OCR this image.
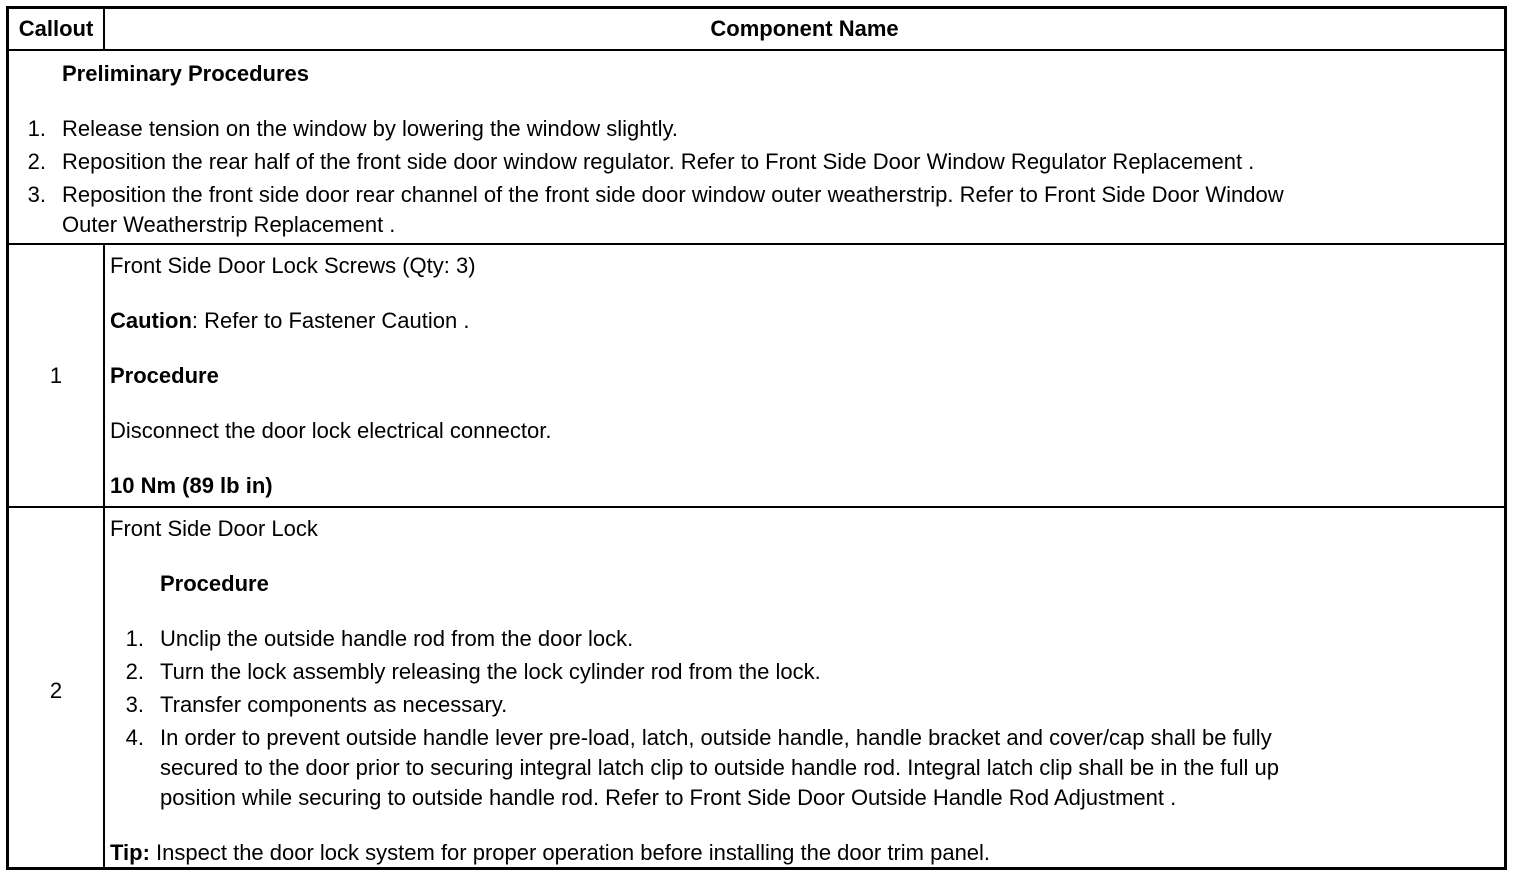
Callout	Component Name

Preliminary Procedures

1. Release tension on the window by lowering the window slightly.
2. Reposition the rear half of the front side door window regulator. Refer to Front Side Door Window Regulator Replacement .
3. Reposition the front side door rear channel of the front side door window outer weatherstrip. Refer to Front Side Door Window
Outer Weatherstrip Replacement .
1

Front Side Door Lock Screws (Qty: 3)

Caution: Refer to Fastener Caution .

Procedure

Disconnect the door lock electrical connector.

10 Nm (89 lb in)

2

Front Side Door Lock

Procedure

1. Unclip the outside handle rod from the door lock.
2. Turn the lock assembly releasing the lock cylinder rod from the lock.
3. Transfer components as necessary.
4. In order to prevent outside handle lever pre-load, latch, outside handle, handle bracket and cover/cap shall be fully
secured to the door prior to securing integral latch clip to outside handle rod. Integral latch clip shall be in the full up
position while securing to outside handle rod. Refer to Front Side Door Outside Handle Rod Adjustment .

Tip: Inspect the door lock system for proper operation before installing the door trim panel.
